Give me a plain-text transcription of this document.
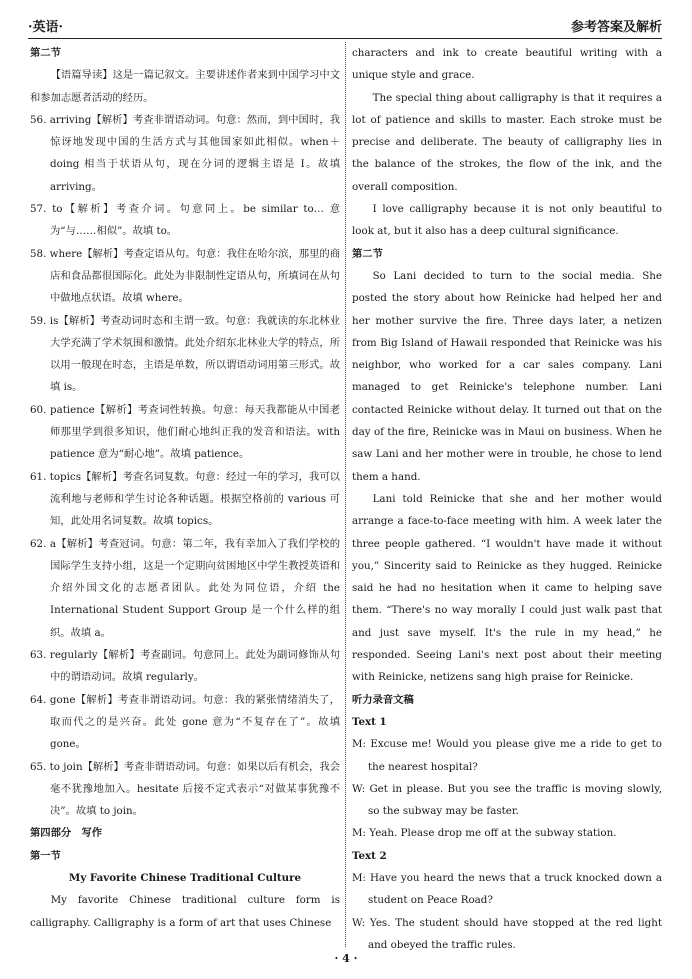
·英语·	参考答案及解析
第二节
【语篇导读】这是一篇记叙文。主要讲述作者来到中国学习中文和参加志愿者活动的经历。
56. arriving【解析】考查非谓语动词。句意：然而，到中国时，我惊讶地发现中国的生活方式与其他国家如此相似。when＋doing 相当于状语从句，现在分词的逻辑主语是 I。故填 arriving。
57. to【解析】考查介词。句意同上。be similar to… 意为“与……相似”。故填 to。
58. where【解析】考查定语从句。句意：我住在哈尔滨，那里的商店和食品都很国际化。此处为非限制性定语从句，所填词在从句中做地点状语。故填 where。
59. is【解析】考查动词时态和主谓一致。句意：我就读的东北林业大学充满了学术氛围和激情。此处介绍东北林业大学的特点，所以用一般现在时态，主语是单数，所以谓语动词用第三形式。故填 is。
60. patience【解析】考查词性转换。句意：每天我都能从中国老师那里学到很多知识，他们耐心地纠正我的发音和语法。with patience 意为“耐心地”。故填 patience。
61. topics【解析】考查名词复数。句意：经过一年的学习，我可以流利地与老师和学生讨论各种话题。根据空格前的 various 可知，此处用名词复数。故填 topics。
62. a【解析】考查冠词。句意：第二年，我有幸加入了我们学校的国际学生支持小组，这是一个定期向贫困地区中学生教授英语和介绍外国文化的志愿者团队。此处为同位语，介绍 the International Student Support Group 是一个什么样的组织。故填 a。
63. regularly【解析】考查副词。句意同上。此处为副词修饰从句中的谓语动词。故填 regularly。
64. gone【解析】考查非谓语动词。句意：我的紧张情绪消失了，取而代之的是兴奋。此处 gone 意为“不复存在了”。故填 gone。
65. to join【解析】考查非谓语动词。句意：如果以后有机会，我会毫不犹豫地加入。hesitate 后接不定式表示“对做某事犹豫不决”。故填 to join。
第四部分　写作
第一节
My Favorite Chinese Traditional Culture
My favorite Chinese traditional culture form is calligraphy. Calligraphy is a form of art that uses Chinese
characters and ink to create beautiful writing with a unique style and grace.
The special thing about calligraphy is that it requires a lot of patience and skills to master. Each stroke must be precise and deliberate. The beauty of calligraphy lies in the balance of the strokes, the flow of the ink, and the overall composition.
I love calligraphy because it is not only beautiful to look at, but it also has a deep cultural significance.
第二节
So Lani decided to turn to the social media. She posted the story about how Reinicke had helped her and her mother survive the fire. Three days later, a netizen from Big Island of Hawaii responded that Reinicke was his neighbor, who worked for a car sales company. Lani managed to get Reinicke's telephone number. Lani contacted Reinicke without delay. It turned out that on the day of the fire, Reinicke was in Maui on business. When he saw Lani and her mother were in trouble, he chose to lend them a hand.
Lani told Reinicke that she and her mother would arrange a face-to-face meeting with him. A week later the three people gathered. “I wouldn't have made it without you,” Sincerity said to Reinicke as they hugged. Reinicke said he had no hesitation when it came to helping save them. “There's no way morally I could just walk past that and just save myself. It's the rule in my head,” he responded. Seeing Lani's next post about their meeting with Reinicke, netizens sang high praise for Reinicke.
听力录音文稿
Text 1
M: Excuse me! Would you please give me a ride to get to the nearest hospital?
W: Get in please. But you see the traffic is moving slowly, so the subway may be faster.
M: Yeah. Please drop me off at the subway station.
Text 2
M: Have you heard the news that a truck knocked down a student on Peace Road?
W: Yes. The student should have stopped at the red light and obeyed the traffic rules.
· 4 ·
